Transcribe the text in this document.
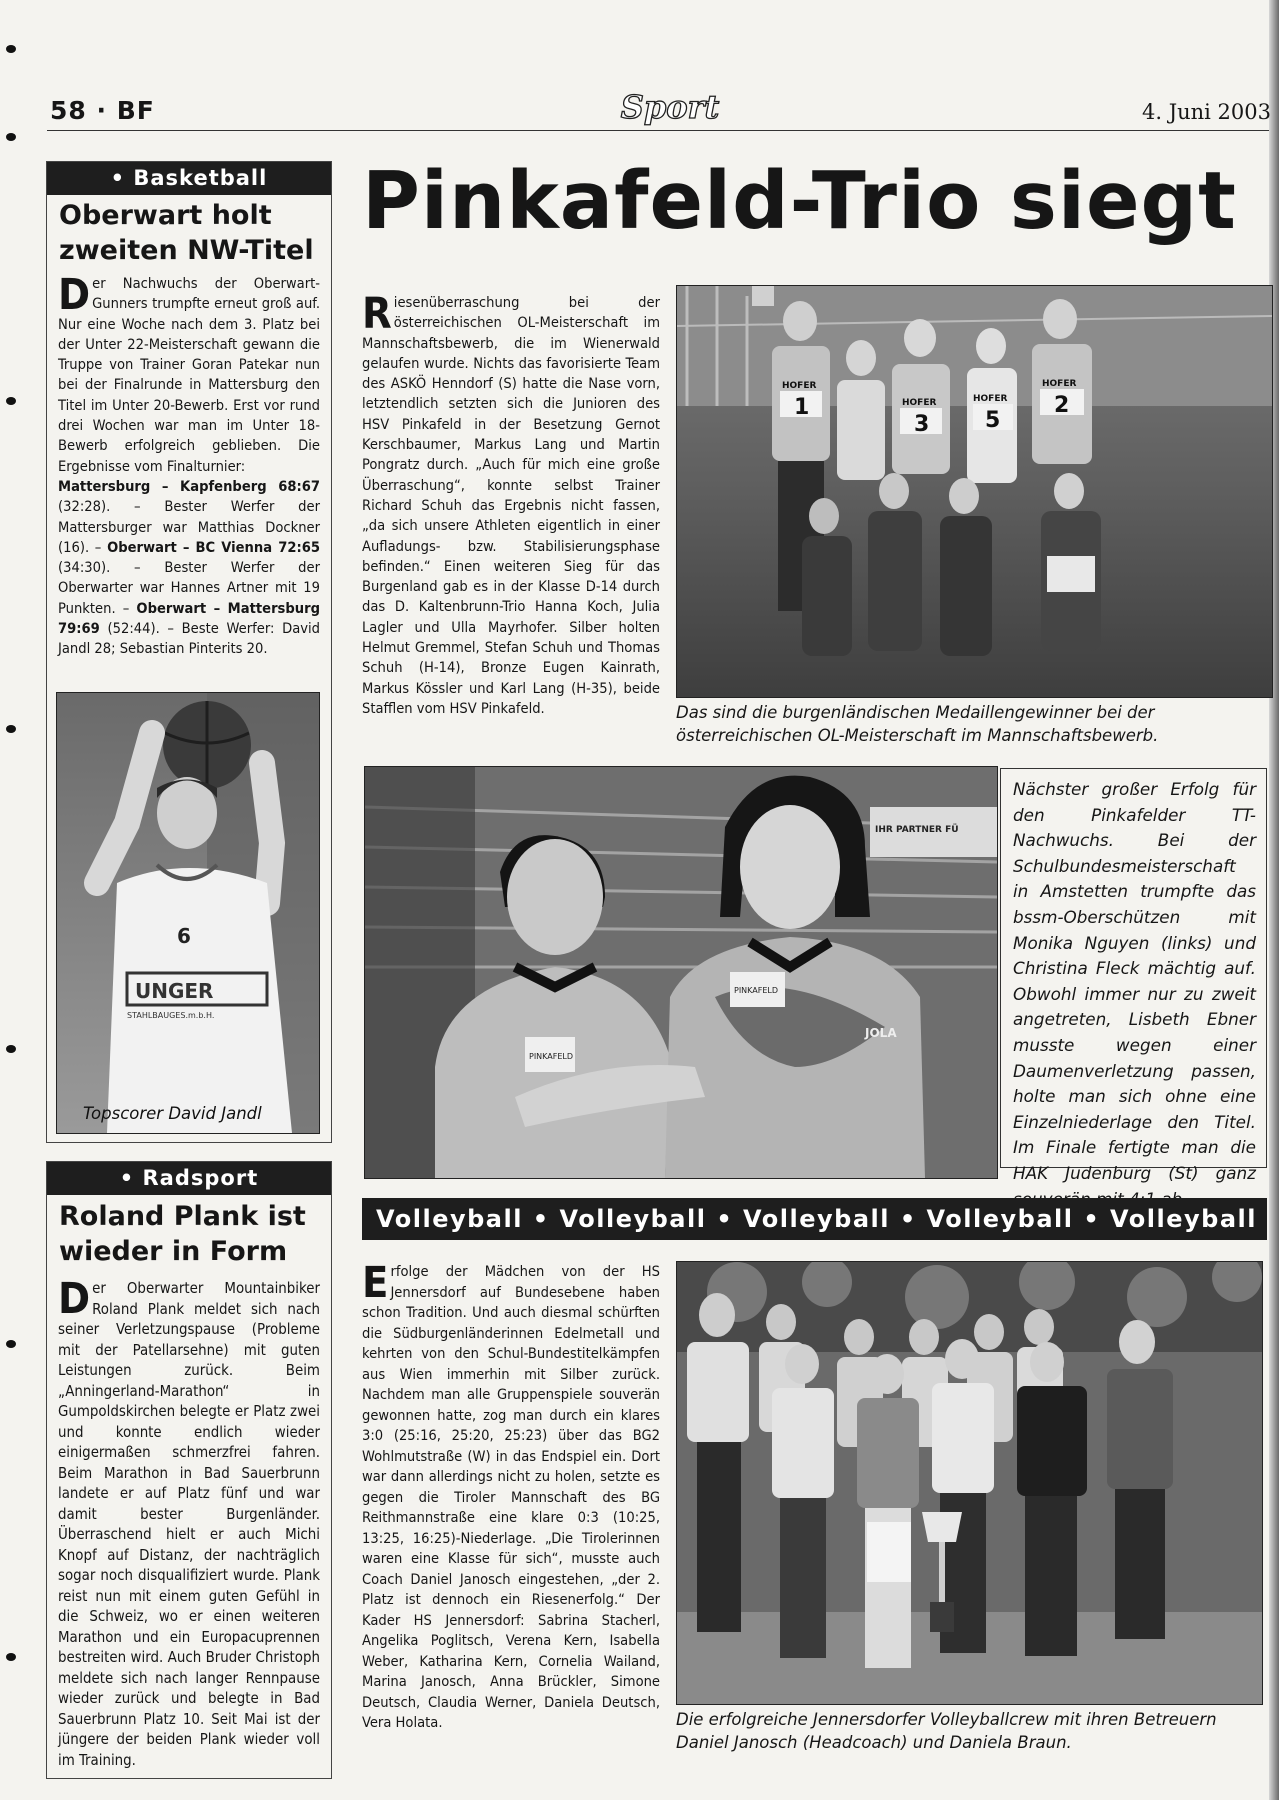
58 · BF	Sport	4. Juni 2003
• Basketball
Oberwart holt
zweiten NW-Titel
Der Nachwuchs der Oberwart-Gunners trumpfte erneut groß auf. Nur eine Woche nach dem 3. Platz bei der Unter 22-Meisterschaft gewann die Truppe von Trainer Goran Patekar nun bei der Finalrunde in Mattersburg den Titel im Unter 20-Bewerb. Erst vor rund drei Wochen war man im Unter 18-Bewerb erfolgreich geblieben. Die Ergebnisse vom Finalturnier:
Mattersburg – Kapfenberg 68:67 (32:28). – Bester Werfer der Mattersburger war Matthias Dockner (16). – Oberwart – BC Vienna 72:65 (34:30). – Bester Werfer der Oberwarter war Hannes Artner mit 19 Punkten. – Oberwart – Mattersburg 79:69 (52:44). – Beste Werfer: David Jandl 28; Sebastian Pinterits 20.
6
UNGER
STAHLBAUGES.m.b.H.
Topscorer David Jandl
• Radsport
Roland Plank ist
wieder in Form
Der Oberwarter Mountainbiker Roland Plank meldet sich nach seiner Verletzungspause (Probleme mit der Patellarsehne) mit guten Leistungen zurück. Beim „Anningerland-Marathon“ in Gumpoldskirchen belegte er Platz zwei und konnte endlich wieder einigermaßen schmerzfrei fahren. Beim Marathon in Bad Sauerbrunn landete er auf Platz fünf und war damit bester Burgenländer. Überraschend hielt er auch Michi Knopf auf Distanz, der nachträglich sogar noch disqualifiziert wurde. Plank reist nun mit einem guten Gefühl in die Schweiz, wo er einen weiteren Marathon und ein Europacuprennen bestreiten wird. Auch Bruder Christoph meldete sich nach langer Rennpause wieder zurück und belegte in Bad Sauerbrunn Platz 10. Seit Mai ist der jüngere der beiden Plank wieder voll im Training.
Pinkafeld-Trio siegt
Riesenüberraschung bei der österreichischen OL-Meisterschaft im Mannschaftsbewerb, die im Wienerwald gelaufen wurde. Nichts das favorisierte Team des ASKÖ Henndorf (S) hatte die Nase vorn, letztendlich setzten sich die Junioren des HSV Pinkafeld in der Besetzung Gernot Kerschbaumer, Markus Lang und Martin Pongratz durch. „Auch für mich eine große Überraschung“, konnte selbst Trainer Richard Schuh das Ergebnis nicht fassen, „da sich unsere Athleten eigentlich in einer Aufladungs- bzw. Stabilisierungsphase befinden.“ Einen weiteren Sieg für das Burgenland gab es in der Klasse D-14 durch das D. Kaltenbrunn-Trio Hanna Koch, Julia Lagler und Ulla Mayrhofer. Silber holten Helmut Gremmel, Stefan Schuh und Thomas Schuh (H-14), Bronze Eugen Kainrath, Markus Kössler und Karl Lang (H-35), beide Stafflen vom HSV Pinkafeld.
1
HOFER
3
HOFER
5
HOFER 2
HOFER
Das sind die burgenländischen Medaillengewinner bei der österreichischen OL-Meisterschaft im Mannschaftsbewerb.
IHR PARTNER FÜ
PINKAFELD
PINKAFELD
JOLA
Nächster großer Erfolg für den Pinkafelder TT-Nachwuchs. Bei der Schulbundesmeisterschaft in Amstetten trumpfte das bssm-Oberschützen mit Monika Nguyen (links) und Christina Fleck mächtig auf. Obwohl immer nur zu zweit angetreten, Lisbeth Ebner musste wegen einer Daumenverletzung passen, holte man sich ohne eine Einzelniederlage den Titel. Im Finale fertigte man die HAK Judenburg (St) ganz
Volleyball • Volleyball • Volleyball • Volleyball • Volleyball
Erfolge der Mädchen von der HS Jennersdorf auf Bundesebene haben schon Tradition. Und auch diesmal schürften die Südburgenländerinnen Edelmetall und kehrten von den Schul-Bundestitelkämpfen aus Wien immerhin mit Silber zurück. Nachdem man alle Gruppenspiele souverän gewonnen hatte, zog man durch ein klares 3:0 (25:16, 25:20, 25:23) über das BG2 Wohlmutstraße (W) in das Endspiel ein. Dort war dann allerdings nicht zu holen, setzte es gegen die Tiroler Mannschaft des BG Reithmannstraße eine klare 0:3 (10:25, 13:25, 16:25)-Niederlage. „Die Tirolerinnen waren eine Klasse für sich“, musste auch Coach Daniel Janosch eingestehen, „der 2. Platz ist dennoch ein Riesenerfolg.“ Der Kader HS Jennersdorf: Sabrina Stacherl, Angelika Poglitsch, Verena Kern, Isabella Weber, Katharina Kern, Cornelia Wailand, Marina Janosch, Anna Brückler, Simone Deutsch, Claudia Werner, Daniela Deutsch, Vera Holata.	Die erfolgreiche Jennersdorfer Volleyballcrew mit ihren Betreuern Daniel Janosch (Headcoach) und Daniela Braun.
